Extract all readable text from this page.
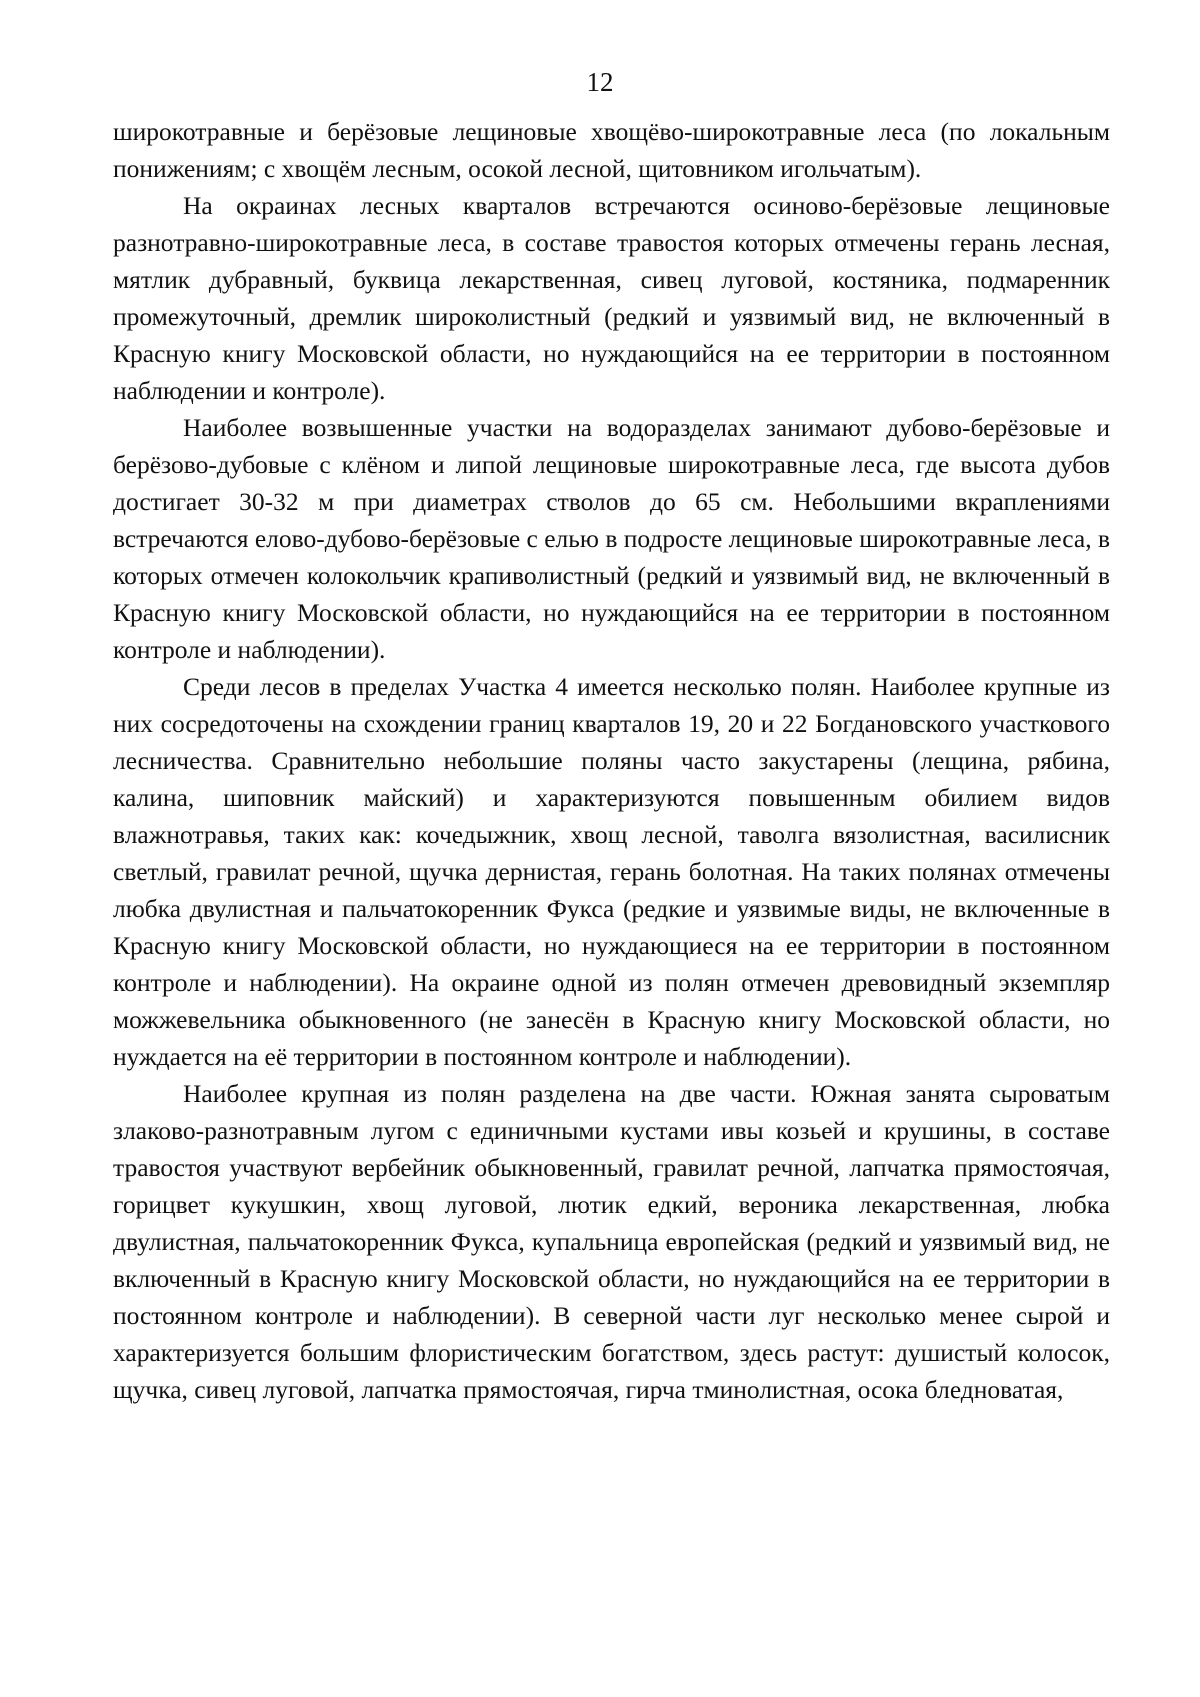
12

широкотравные и берёзовые лещиновые хвощёво-широкотравные леса (по локальным понижениям; с хвощём лесным, осокой лесной, щитовником игольчатым).

На окраинах лесных кварталов встречаются осиново-берёзовые лещиновые разнотравно-широкотравные леса, в составе травостоя которых отмечены герань лесная, мятлик дубравный, буквица лекарственная, сивец луговой, костяника, подмаренник промежуточный, дремлик широколистный (редкий и уязвимый вид, не включенный в Красную книгу Московской области, но нуждающийся на ее территории в постоянном наблюдении и контроле).

Наиболее возвышенные участки на водоразделах занимают дубово-берёзовые и берёзово-дубовые с клёном и липой лещиновые широкотравные леса, где высота дубов достигает 30-32 м при диаметрах стволов до 65 см. Небольшими вкраплениями встречаются елово-дубово-берёзовые с елью в подросте лещиновые широкотравные леса, в которых отмечен колокольчик крапиволистный (редкий и уязвимый вид, не включенный в Красную книгу Московской области, но нуждающийся на ее территории в постоянном контроле и наблюдении).

Среди лесов в пределах Участка 4 имеется несколько полян. Наиболее крупные из них сосредоточены на схождении границ кварталов 19, 20 и 22 Богдановского участкового лесничества. Сравнительно небольшие поляны часто закустарены (лещина, рябина, калина, шиповник майский) и характеризуются повышенным обилием видов влажнотравья, таких как: кочедыжник, хвощ лесной, таволга вязолистная, василисник светлый, гравилат речной, щучка дернистая, герань болотная. На таких полянах отмечены любка двулистная и пальчатокоренник Фукса (редкие и уязвимые виды, не включенные в Красную книгу Московской области, но нуждающиеся на ее территории в постоянном контроле и наблюдении). На окраине одной из полян отмечен древовидный экземпляр можжевельника обыкновенного (не занесён в Красную книгу Московской области, но нуждается на её территории в постоянном контроле и наблюдении).

Наиболее крупная из полян разделена на две части. Южная занята сыроватым злаково-разнотравным лугом с единичными кустами ивы козьей и крушины, в составе травостоя участвуют вербейник обыкновенный, гравилат речной, лапчатка прямостоячая, горицвет кукушкин, хвощ луговой, лютик едкий, вероника лекарственная, любка двулистная, пальчатокоренник Фукса, купальница европейская (редкий и уязвимый вид, не включенный в Красную книгу Московской области, но нуждающийся на ее территории в постоянном контроле и наблюдении). В северной части луг несколько менее сырой и характеризуется большим флористическим богатством, здесь растут: душистый колосок, щучка, сивец луговой, лапчатка прямостоячая, гирча тминолистная, осока бледноватая,
